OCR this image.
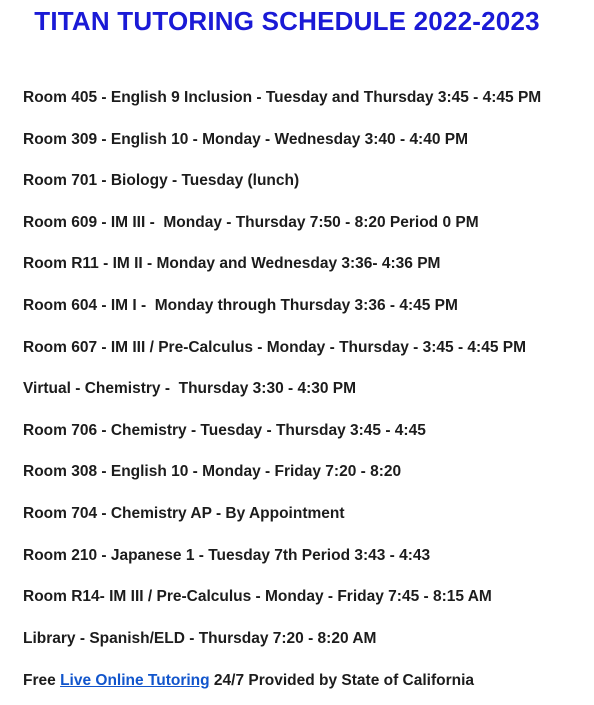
TITAN TUTORING SCHEDULE 2022-2023
Room 405 - English 9 Inclusion - Tuesday and Thursday 3:45 - 4:45 PM
Room 309 - English 10 - Monday - Wednesday 3:40 - 4:40 PM
Room 701 - Biology - Tuesday (lunch)
Room 609 - IM III -  Monday - Thursday 7:50 - 8:20 Period 0 PM
Room R11 - IM II - Monday and Wednesday 3:36- 4:36 PM
Room 604 - IM I -  Monday through Thursday 3:36 - 4:45 PM
Room 607 - IM III / Pre-Calculus - Monday - Thursday - 3:45 - 4:45 PM
Virtual - Chemistry -  Thursday 3:30 - 4:30 PM
Room 706 - Chemistry - Tuesday - Thursday 3:45 - 4:45
Room 308 - English 10 - Monday - Friday 7:20 - 8:20
Room 704 - Chemistry AP - By Appointment
Room 210 - Japanese 1 - Tuesday 7th Period 3:43 - 4:43
Room R14- IM III / Pre-Calculus - Monday - Friday 7:45 - 8:15 AM
Library - Spanish/ELD - Thursday 7:20 - 8:20 AM
Free Live Online Tutoring 24/7 Provided by State of California
